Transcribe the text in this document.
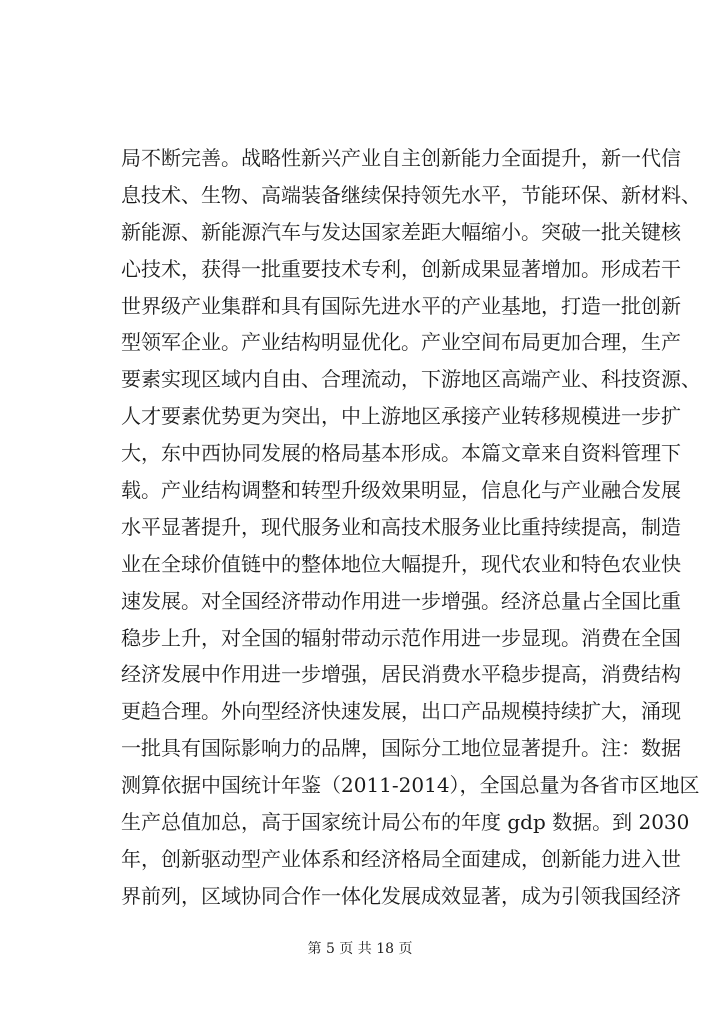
局不断完善。战略性新兴产业自主创新能力全面提升，新一代信
息技术、生物、高端装备继续保持领先水平，节能环保、新材料、
新能源、新能源汽车与发达国家差距大幅缩小。突破一批关键核
心技术，获得一批重要技术专利，创新成果显著增加。形成若干
世界级产业集群和具有国际先进水平的产业基地，打造一批创新
型领军企业。产业结构明显优化。产业空间布局更加合理，生产
要素实现区域内自由、合理流动，下游地区高端产业、科技资源、
人才要素优势更为突出，中上游地区承接产业转移规模进一步扩
大，东中西协同发展的格局基本形成。本篇文章来自资料管理下
载。产业结构调整和转型升级效果明显，信息化与产业融合发展
水平显著提升，现代服务业和高技术服务业比重持续提高，制造
业在全球价值链中的整体地位大幅提升，现代农业和特色农业快
速发展。对全国经济带动作用进一步增强。经济总量占全国比重
稳步上升，对全国的辐射带动示范作用进一步显现。消费在全国
经济发展中作用进一步增强，居民消费水平稳步提高，消费结构
更趋合理。外向型经济快速发展，出口产品规模持续扩大，涌现
一批具有国际影响力的品牌，国际分工地位显著提升。注：数据
测算依据中国统计年鉴（2011-2014），全国总量为各省市区地区
生产总值加总，高于国家统计局公布的年度 gdp 数据。到 2030
年，创新驱动型产业体系和经济格局全面建成，创新能力进入世
界前列，区域协同合作一体化发展成效显著，成为引领我国经济
第 5 页 共 18 页
